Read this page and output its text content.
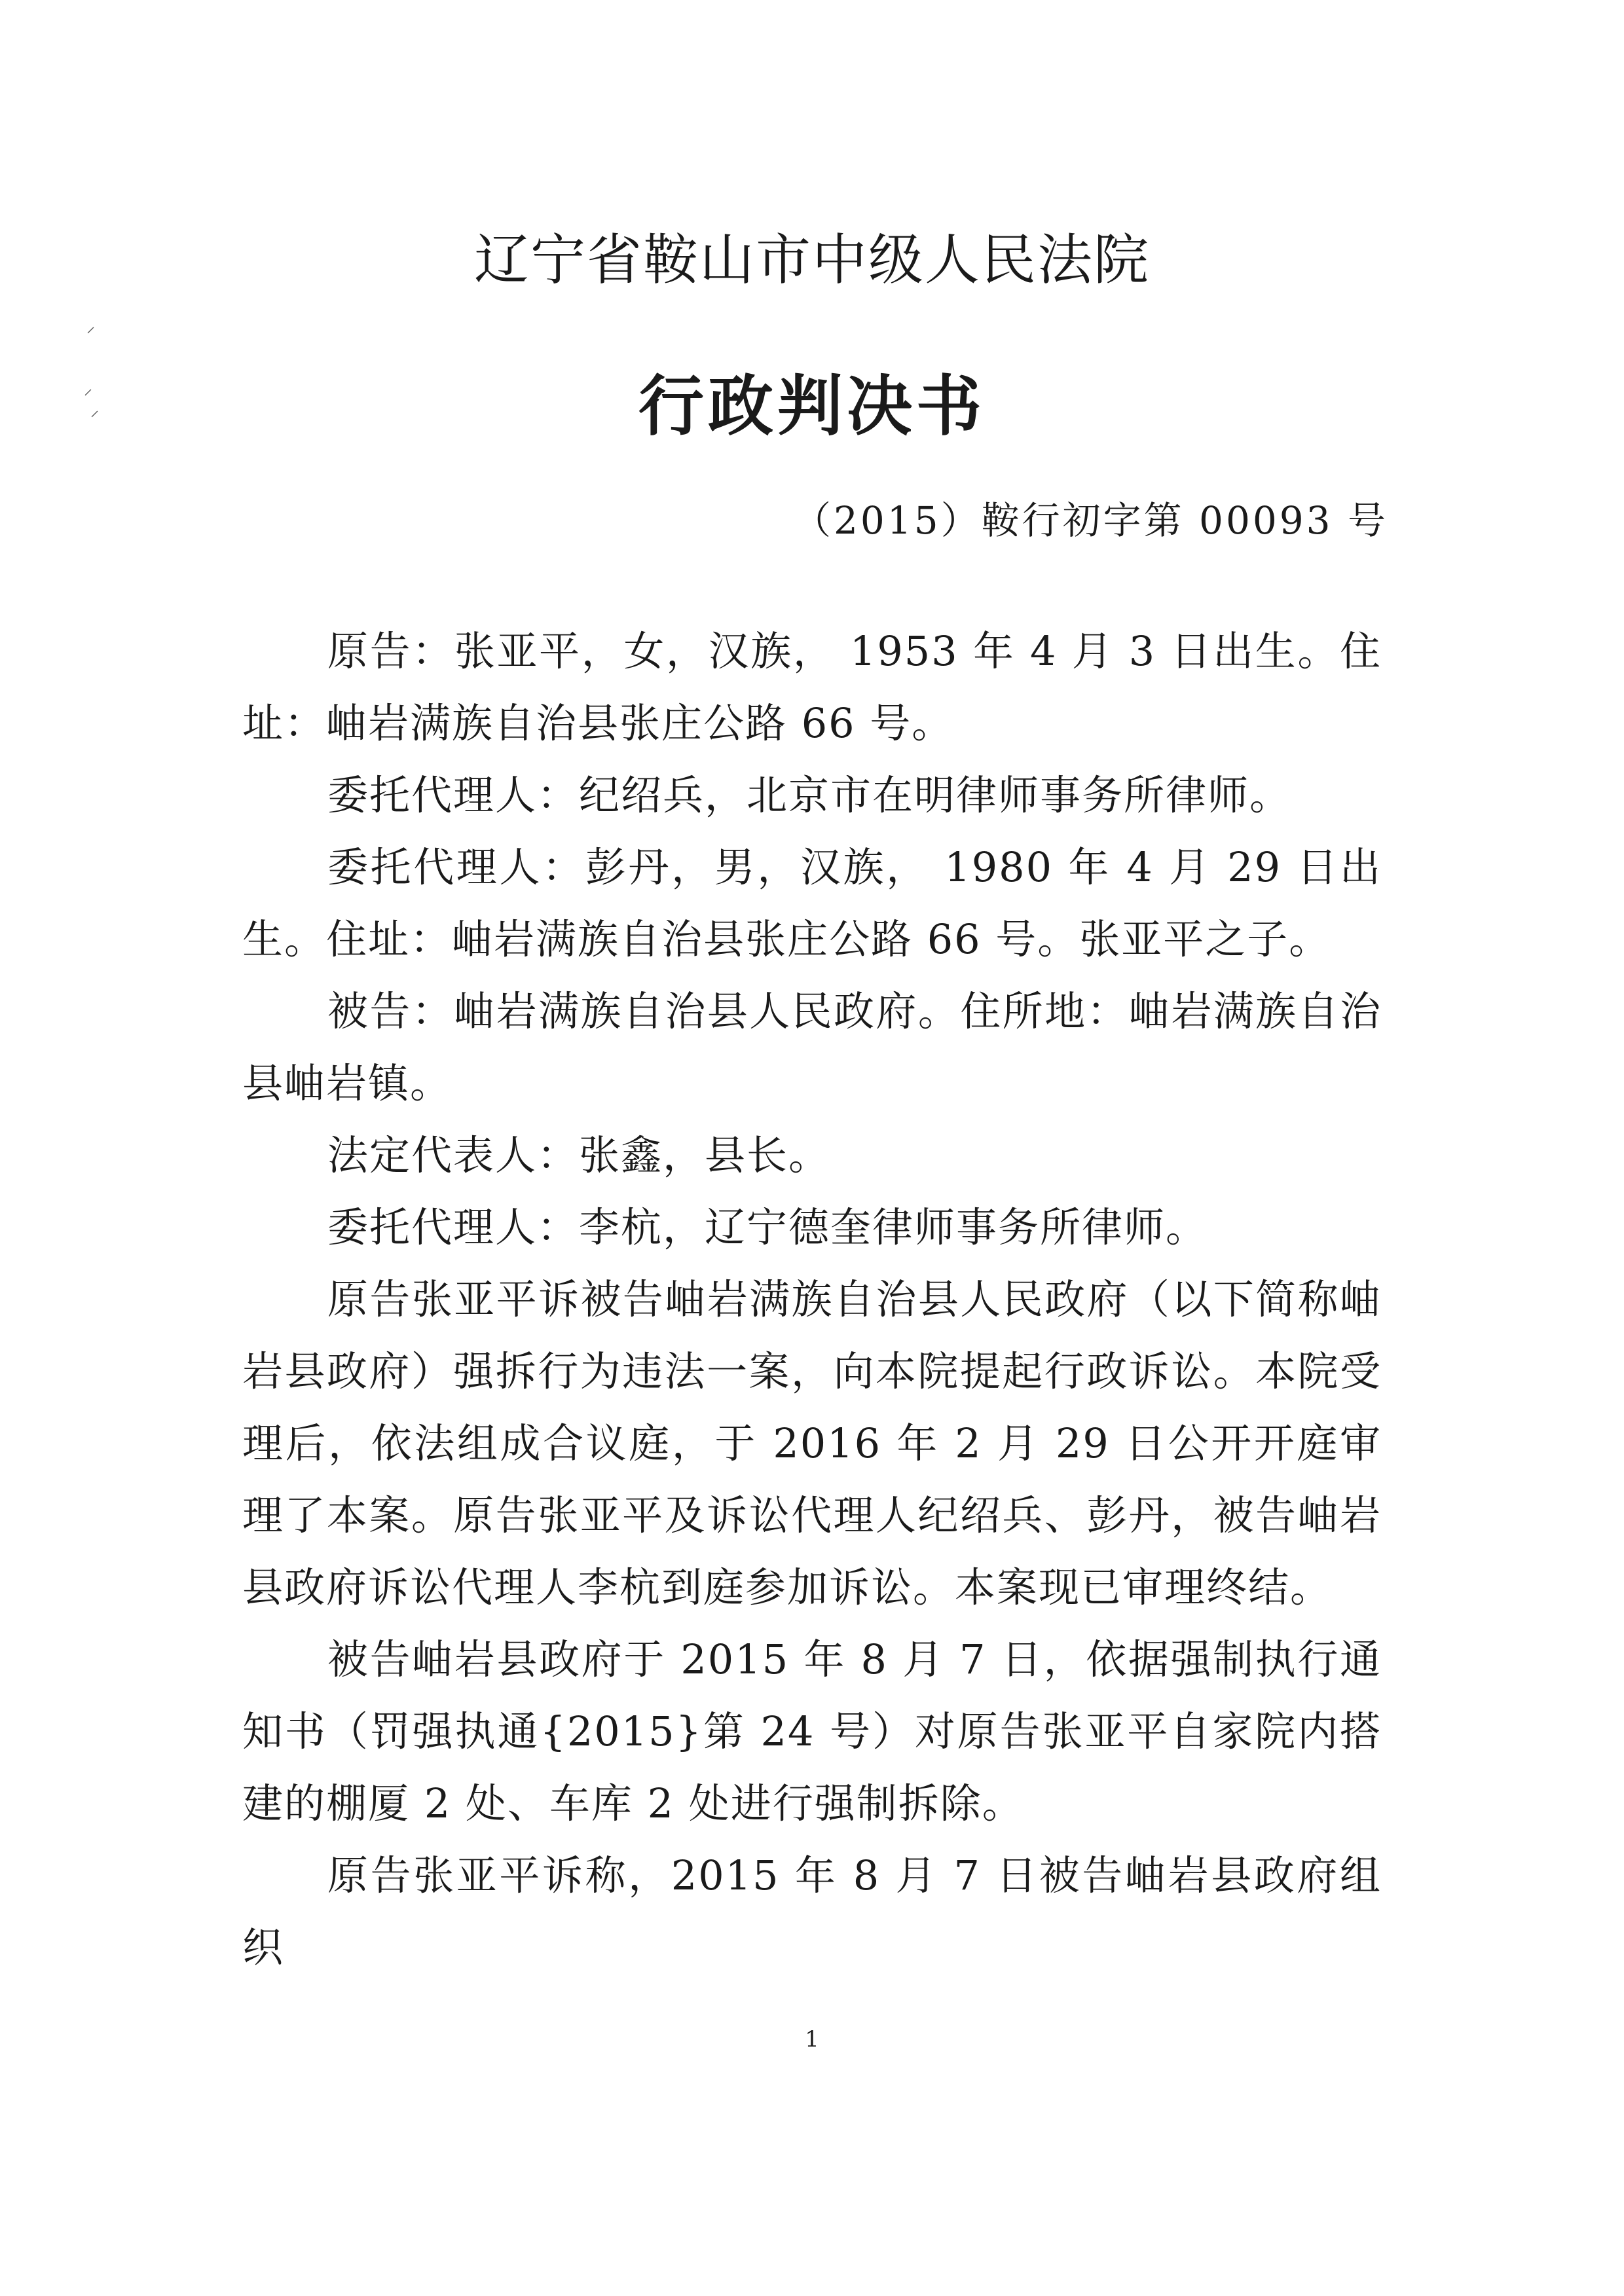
⸍
⸍
⸍
辽宁省鞍山市中级人民法院
行政判决书
（2015）鞍行初字第 00093 号

原告：张亚平，女，汉族， 1953 年 4 月 3 日出生。住址：岫岩满族自治县张庄公路 66 号。

委托代理人：纪绍兵，北京市在明律师事务所律师。

委托代理人：彭丹，男，汉族， 1980 年 4 月 29 日出生。住址：岫岩满族自治县张庄公路 66 号。张亚平之子。

被告：岫岩满族自治县人民政府。住所地：岫岩满族自治县岫岩镇。

法定代表人：张鑫，县长。

委托代理人：李杭，辽宁德奎律师事务所律师。

原告张亚平诉被告岫岩满族自治县人民政府（以下简称岫岩县政府）强拆行为违法一案，向本院提起行政诉讼。本院受理后，依法组成合议庭，于 2016 年 2 月 29 日公开开庭审理了本案。原告张亚平及诉讼代理人纪绍兵、彭丹，被告岫岩县政府诉讼代理人李杭到庭参加诉讼。本案现已审理终结。

被告岫岩县政府于 2015 年 8 月 7 日，依据强制执行通知书（罚强执通{2015}第 24 号）对原告张亚平自家院内搭建的棚厦 2 处、车库 2 处进行强制拆除。

原告张亚平诉称，2015 年 8 月 7 日被告岫岩县政府组织

1
